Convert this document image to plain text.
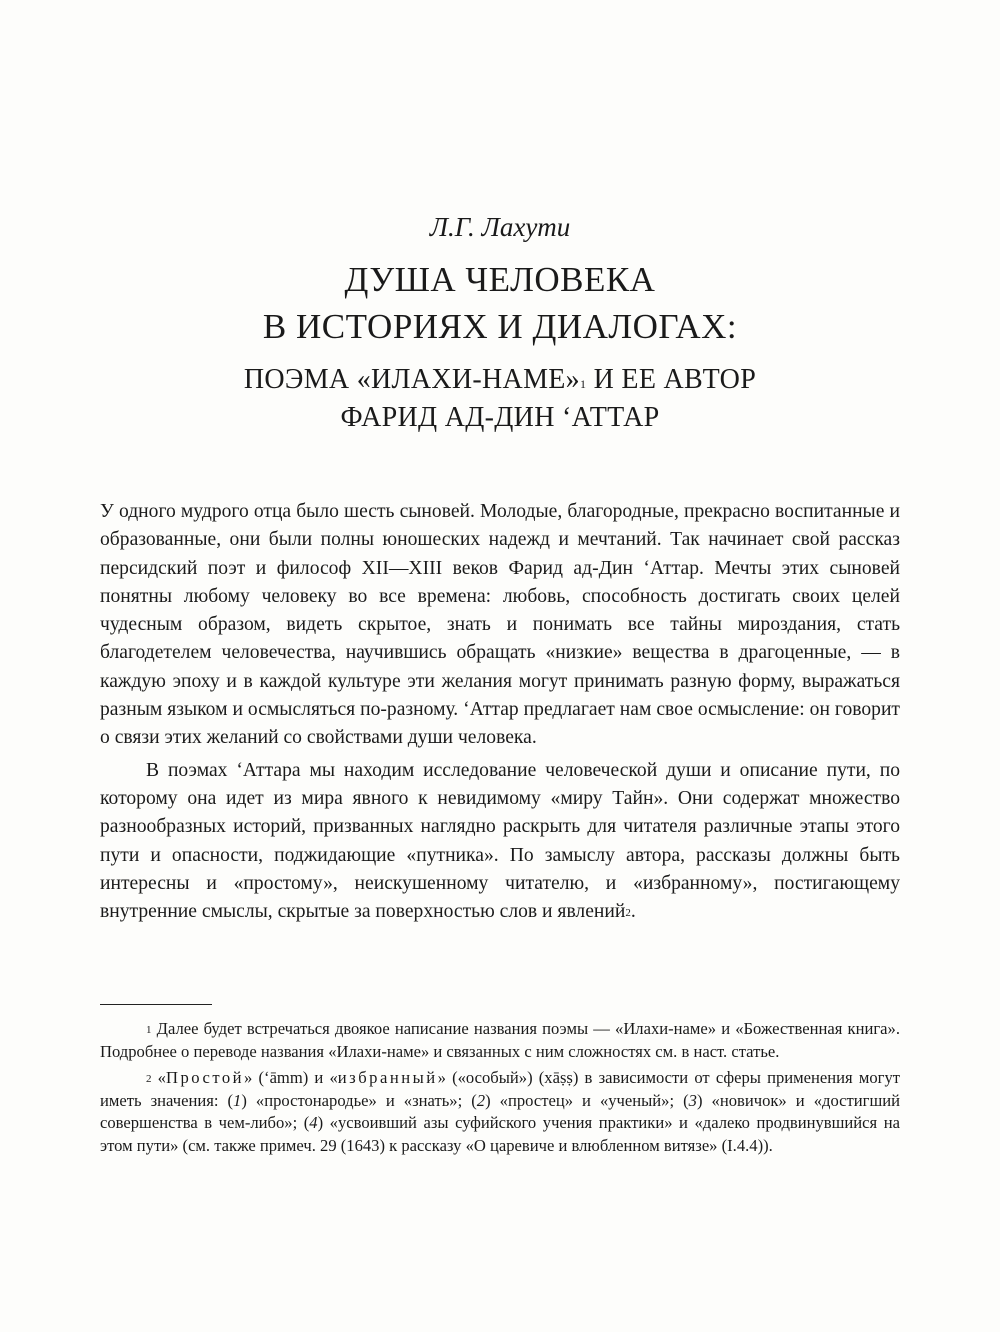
Л.Г. Лахути
ДУША ЧЕЛОВЕКА
В ИСТОРИЯХ И ДИАЛОГАХ:
ПОЭМА «ИЛАХИ-НАМЕ»$^1$ И ЕЕ АВТОР
ФАРИД АД-ДИН ‘АТТАР

У одного мудрого отца было шесть сыновей. Молодые, благородные, прекрасно воспитанные и образованные, они были полны юношеских надежд и мечтаний. Так начинает свой рассказ персидский поэт и философ XII—XIII веков Фарид ад-Дин ‘Аттар. Мечты этих сыновей понятны любому человеку во все времена: любовь, способность достигать своих целей чудесным образом, видеть скрытое, знать и понимать все тайны мироздания, стать благодетелем человечества, научившись обращать «низкие» вещества в драгоценные, — в каждую эпоху и в каждой культуре эти желания могут принимать разную форму, выражаться разным языком и осмысляться по-разному. ‘Аттар предлагает нам свое осмысление: он говорит о связи этих желаний со свойствами души человека.

В поэмах ‘Аттара мы находим исследование человеческой души и описание пути, по которому она идет из мира явного к невидимому «миру Тайн». Они содержат множество разнообразных историй, призванных наглядно раскрыть для читателя различные этапы этого пути и опасности, поджидающие «путника». По замыслу автора, рассказы должны быть интересны и «простому», неискушенному читателю, и «избранному», постигающему внутренние смыслы, скрытые за поверхностью слов и явлений$^2$.

$^1$ Далее будет встречаться двоякое написание названия поэмы — «Илахи-наме» и «Божественная книга». Подробнее о переводе названия «Илахи-наме» и связанных с ним сложностях см. в наст. статье.

$^2$ «Простой» (‘āmm) и «избранный» («особый») (xāṣṣ) в зависимости от сферы применения могут иметь значения: (1) «простонародье» и «знать»; (2) «простец» и «ученый»; (3) «новичок» и «достигший совершенства в чем-либо»; (4) «усвоивший азы суфийского учения практики» и «далеко продвинувшийся на этом пути» (см. также примеч. 29 (1643) к рассказу «О царевиче и влюбленном витязе» (I.4.4)).
